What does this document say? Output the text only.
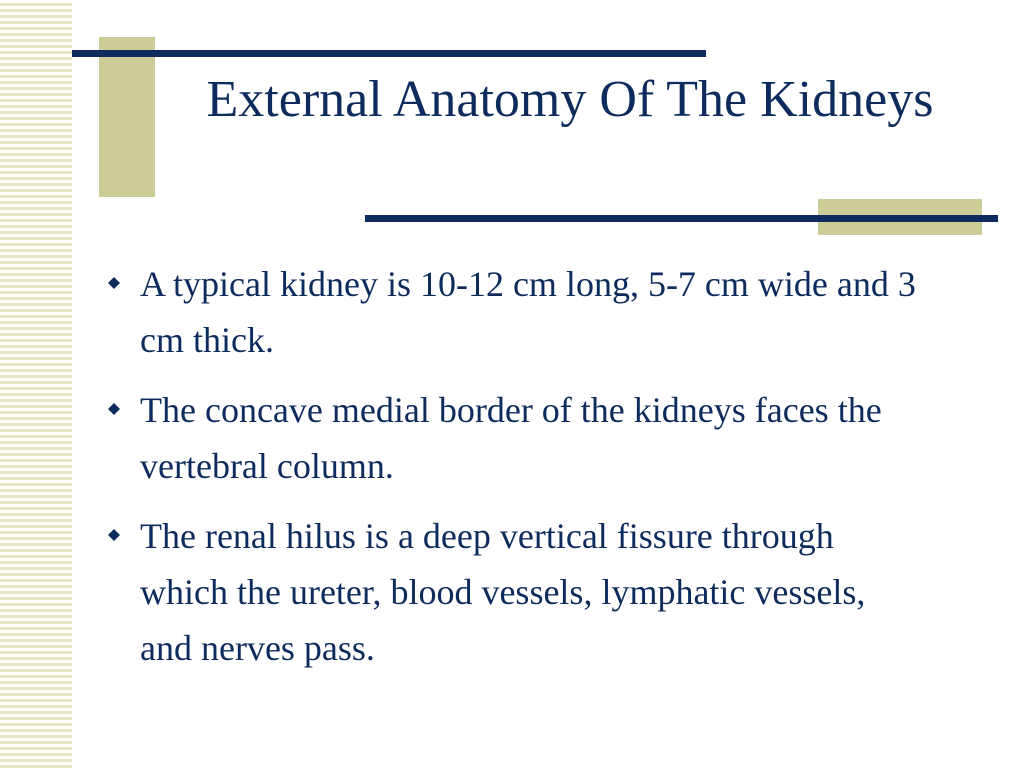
External Anatomy Of The Kidneys
A typical kidney is 10-12 cm long, 5-7 cm wide and 3 cm thick.
The concave medial border of the kidneys faces the vertebral column.
The renal hilus is a deep vertical fissure through which the ureter, blood vessels, lymphatic vessels, and nerves pass.
